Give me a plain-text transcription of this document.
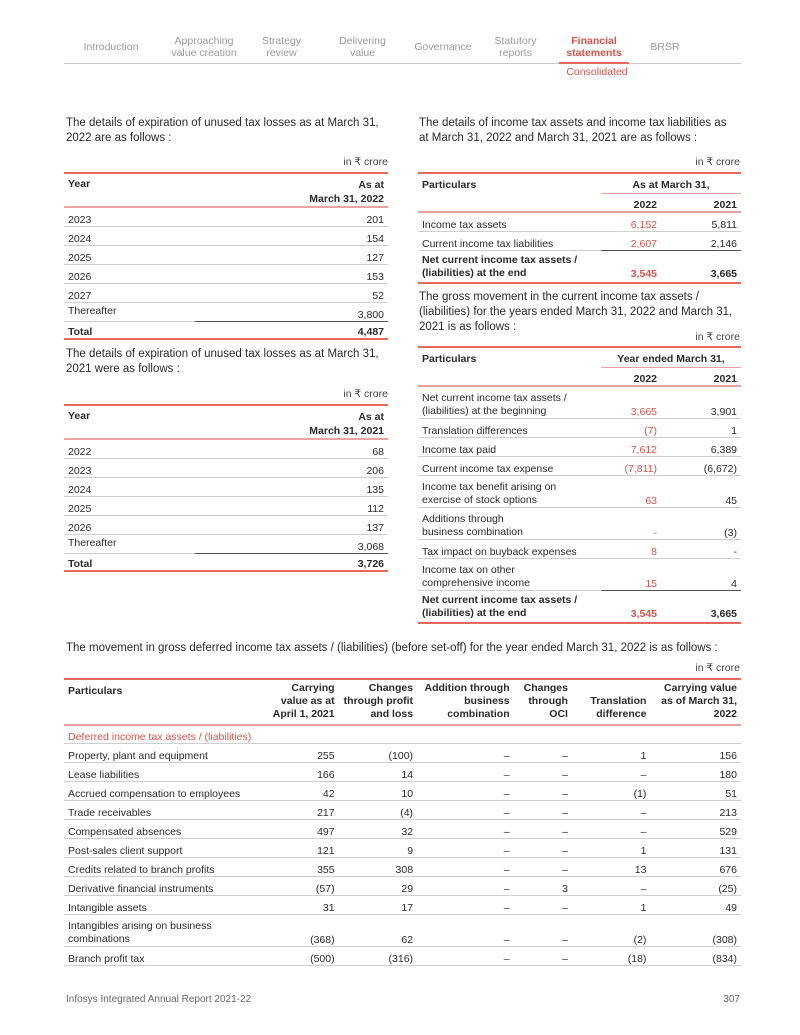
Introduction	Approaching
value creation
Strategy
review
Delivering
value	Governance	Statutory
reports
Financial
statements	BRSR
Consolidated
The details of expiration of unused tax losses as at March 31, 2022 are as follows :
in ₹ crore
Year	As at
March 31, 2022

2023	201
2024	154
2025	127
2026	153
2027	52
Thereafter	3,800
Total	4,487
The details of expiration of unused tax losses as at March 31, 2021 were as follows :
in ₹ crore
Year	As at
March 31, 2021

2022	68
2023	206
2024	135
2025	112
2026	137
Thereafter	3,068
Total	3,726
The details of income tax assets and income tax liabilities as at March 31, 2022 and March 31, 2021 are as follows :
in ₹ crore
Particulars	As at March 31,	
	2022	2021
Income tax assets	6,152	5,811
Current income tax liabilities	2,607	2,146

Net current income tax assets /
(liabilities) at the end	3,545	3,665
The gross movement in the current income tax assets / (liabilities) for the years ended March 31, 2022 and March 31, 2021 is as follows :
in ₹ crore
Particulars	Year ended March 31,	
	2022	2021
Net current income tax assets / (liabilities) at the beginning	3,665	3,901
Translation differences	(7)	1
Income tax paid	7,612	6,389
Current income tax expense	(7,811)	(6,672)
Income tax benefit arising on exercise of stock options	63	45
Additions through business combination	-	(3)
Tax impact on buyback expenses	8	-
Income tax on other comprehensive income	15	4

Net current income tax assets /
(liabilities) at the end	3,545	3,665
The movement in gross deferred income tax assets / (liabilities) (before set-off) for the year ended March 31, 2022 is as follows :
in ₹ crore
Particulars	Carrying value as at April 1, 2021	Changes through profit and loss	Addition through business combination	Changes through OCI	Translation difference	Carrying value as of March 31, 2022
Deferred income tax assets / (liabilities)						
Property, plant and equipment	255	(100)	–	–	1	156
Lease liabilities	166	14	–	–	–	180
Accrued compensation to employees	42	10	–	–	(1)	51
Trade receivables	217	(4)	–	–	–	213
Compensated absences	497	32	–	–	–	529
Post-sales client support	121	9	–	–	1	131
Credits related to branch profits	355	308	–	–	13	676
Derivative financial instruments	(57)	29	–	3	–	(25)
Intangible assets	31	17	–	–	1	49
Intangibles arising on business combinations	(368)	62	–	–	(2)	(308)
Branch profit tax	(500)	(316)	–	–	(18)	(834)
Infosys Integrated Annual Report 2021-22	307
